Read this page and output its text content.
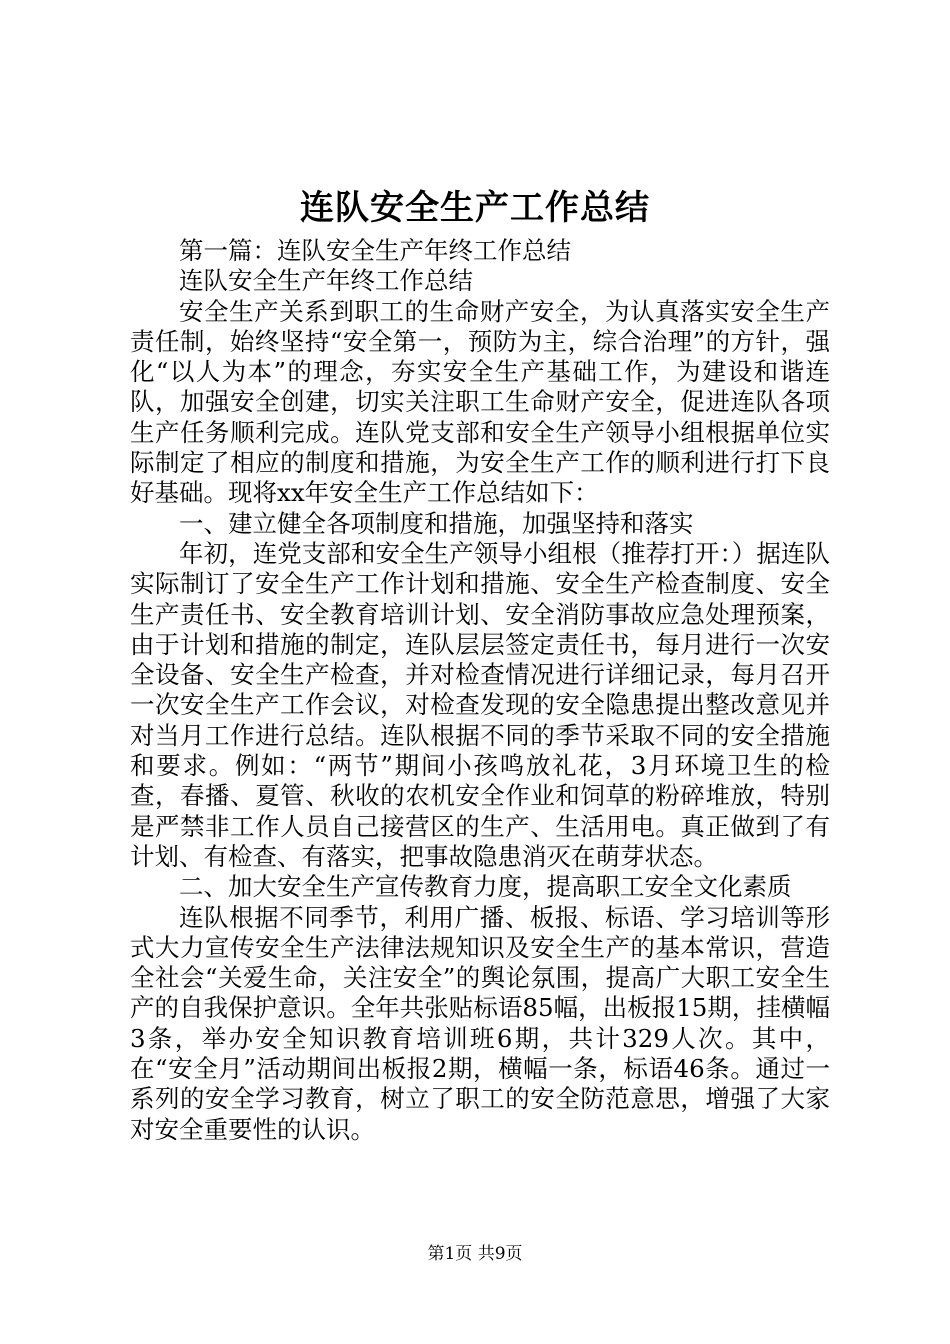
连队安全生产工作总结

第一篇：连队安全生产年终工作总结

连队安全生产年终工作总结

安全生产关系到职工的生命财产安全，为认真落实安全生产责任制，始终坚持“安全第一，预防为主，综合治理”的方针，强化“以人为本”的理念，夯实安全生产基础工作，为建设和谐连队，加强安全创建，切实关注职工生命财产安全，促进连队各项生产任务顺利完成。连队党支部和安全生产领导小组根据单位实际制定了相应的制度和措施，为安全生产工作的顺利进行打下良好基础。现将xx年安全生产工作总结如下：

一、建立健全各项制度和措施，加强坚持和落实

年初，连党支部和安全生产领导小组根（推荐打开：）据连队实际制订了安全生产工作计划和措施、安全生产检查制度、安全生产责任书、安全教育培训计划、安全消防事故应急处理预案，由于计划和措施的制定，连队层层签定责任书，每月进行一次安全设备、安全生产检查，并对检查情况进行详细记录，每月召开一次安全生产工作会议，对检查发现的安全隐患提出整改意见并对当月工作进行总结。连队根据不同的季节采取不同的安全措施和要求。例如：“两节”期间小孩鸣放礼花，3月环境卫生的检查，春播、夏管、秋收的农机安全作业和饲草的粉碎堆放，特别是严禁非工作人员自己接营区的生产、生活用电。真正做到了有计划、有检查、有落实，把事故隐患消灭在萌芽状态。

二、加大安全生产宣传教育力度，提高职工安全文化素质

连队根据不同季节，利用广播、板报、标语、学习培训等形式大力宣传安全生产法律法规知识及安全生产的基本常识，营造全社会“关爱生命，关注安全”的舆论氛围，提高广大职工安全生产的自我保护意识。全年共张贴标语85幅，出板报15期，挂横幅3条，举办安全知识教育培训班6期，共计329人次。其中，在“安全月”活动期间出板报2期，横幅一条，标语46条。通过一系列的安全学习教育，树立了职工的安全防范意思，增强了大家对安全重要性的认识。

第1页 共9页
